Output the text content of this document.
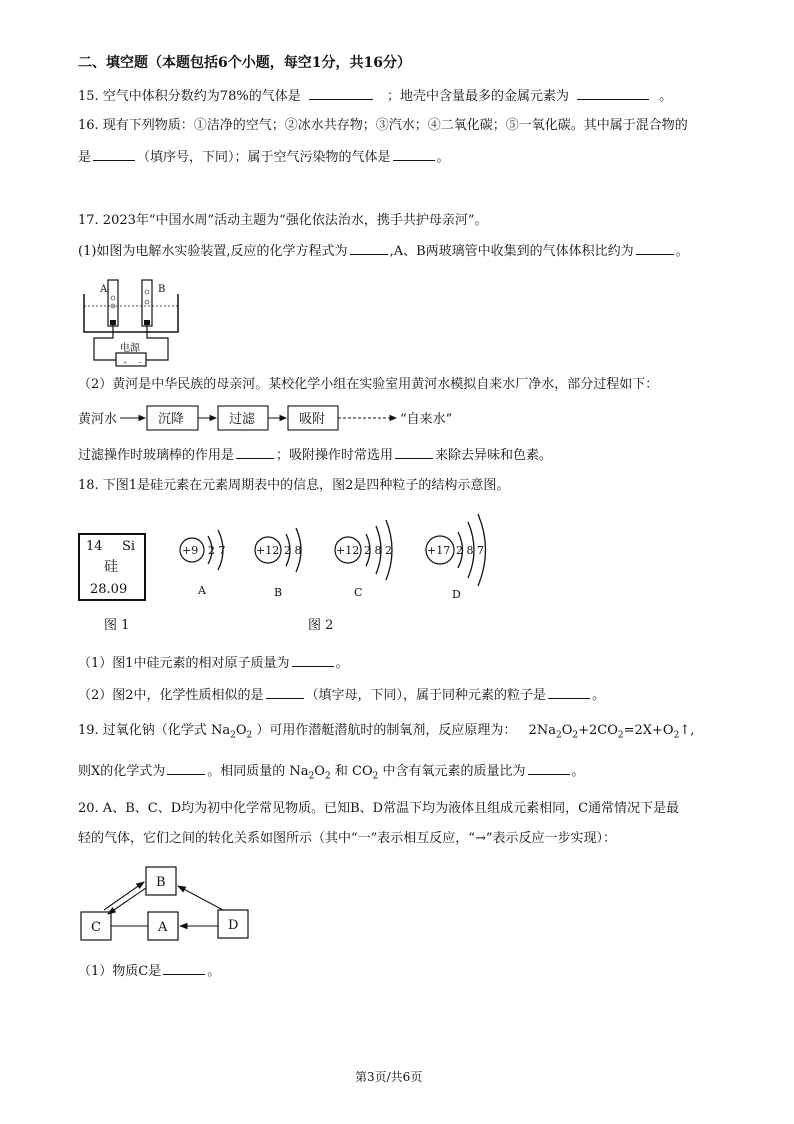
二、填空题（本题包括6个小题，每空1分，共16分）
15. 空气中体积分数约为78%的气体是	；地壳中含量最多的金属元素为	。
16. 现有下列物质：①洁净的空气；②冰水共存物；③汽水；④二氧化碳；⑤一氧化碳。其中属于混合物的
是	（填序号，下同）；属于空气污染物的气体是	。
17. 2023年“中国水周”活动主题为“强化依法治水，携手共护母亲河”。
(1)如图为电解水实验装置,反应的化学方程式为	,A、B两玻璃管中收集到的气体体积比约为	。
+ −
A	B
电源
（2）黄河是中华民族的母亲河。某校化学小组在实验室用黄河水模拟自来水厂净水，部分过程如下：
黄河水	沉降	过滤	吸附	“自来水”
过滤操作时玻璃棒的作用是	；吸附操作时常选用	来除去异味和色素。
18. 下图1是硅元素在元素周期表中的信息，图2是四种粒子的结构示意图。
14 Si
硅
28.09
+9 2 7
A
+12 2 8
B
+12 2 8 2
C
+17 2 8 7
D
图 1	图 2
（1）图1中硅元素的相对原子质量为	。
（2）图2中，化学性质相似的是	（填字母，下同），属于同种元素的粒子是	。
19. 过氧化钠（化学式 $Na_2O_2$ ）可用作潜艇潜航时的制氧剂，反应原理为： $2Na_2O_2+2CO_2=2X+O_2↑$,
则X的化学式为	。相同质量的 $Na_2O_2$ 和 $CO_2$ 中含有氧元素的质量比为	。
20. A、B、C、D均为初中化学常见物质。已知B、D常温下均为液体且组成元素相同，C通常情况下是最
轻的气体，它们之间的转化关系如图所示（其中“一”表示相互反应，“→”表示反应一步实现）：
B
C	A	D
（1）物质C是	。
第3页/共6页
